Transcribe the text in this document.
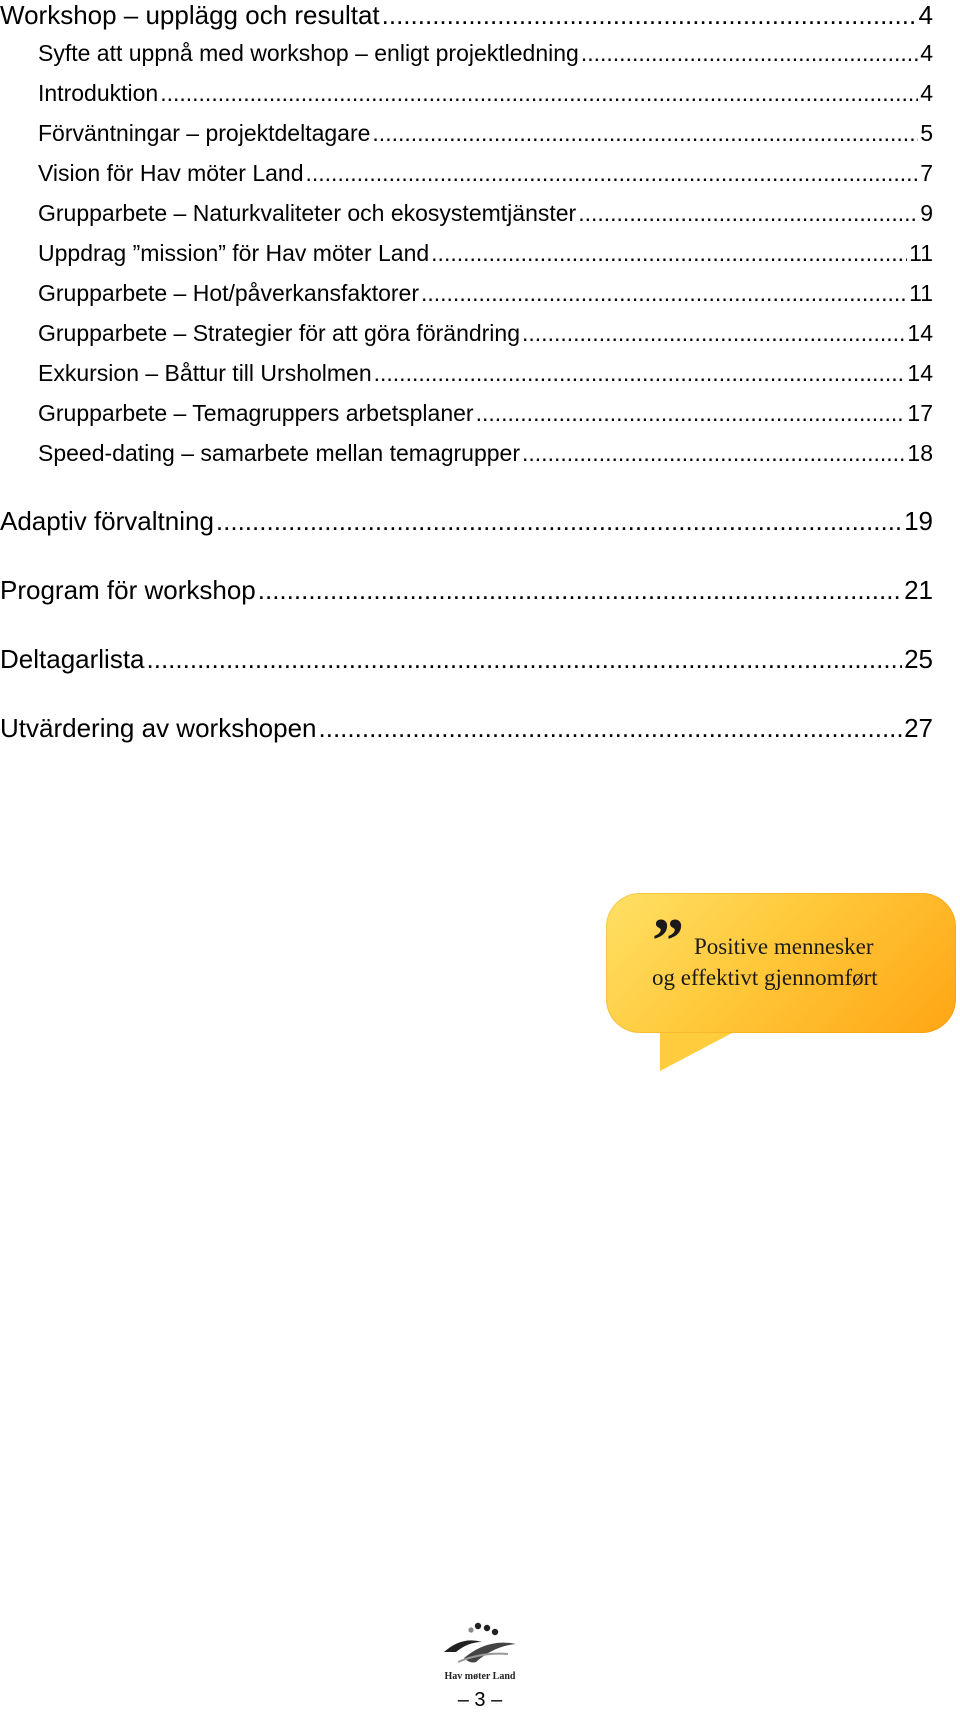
Workshop – upplägg och resultat .....	4
Syfte att uppnå med workshop – enligt projektledning .....	4
Introduktion .....	4
Förväntningar – projektdeltagare .....	5
Vision för Hav möter Land .....	7
Grupparbete – Naturkvaliteter och ekosystemtjänster .....	9
Uppdrag ”mission” för Hav möter Land .....	11
Grupparbete – Hot/påverkansfaktorer .....	11
Grupparbete – Strategier för att göra förändring .....	14
Exkursion – Båttur till Ursholmen .....	14
Grupparbete – Temagruppers arbetsplaner .....	17
Speed-dating – samarbete mellan temagrupper .....	18
Adaptiv förvaltning .....	19
Program för workshop .....	21
Deltagarlista .....	25
Utvärdering av workshopen .....	27
” Positive mennesker
og effektivt gjennomført
Hav møter Land
– 3 –
